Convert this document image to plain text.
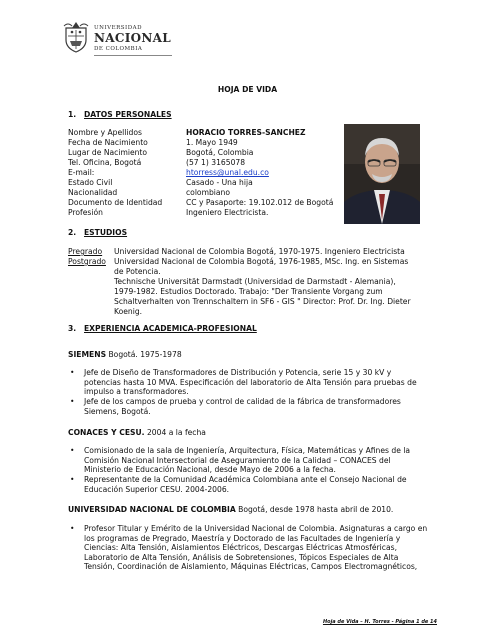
UNIVERSIDAD
NACIONAL
DE COLOMBIA
HOJA DE VIDA
1. DATOS PERSONALES
Nombre y Apellidos	HORACIO TORRES-SANCHEZ
Fecha de Nacimiento	1. Mayo 1949
Lugar de Nacimiento	Bogotá, Colombia
Tel. Oficina, Bogotá	(57 1) 3165078
E-mail:	htorress@unal.edu.co
Estado Civil	Casado - Una hija
Nacionalidad	colombiano
Documento de Identidad	CC y Pasaporte: 19.102.012 de Bogotá
Profesión	Ingeniero Electricista.
2. ESTUDIOS
Pregrado Universidad Nacional de Colombia Bogotá, 1970-1975. Ingeniero Electricista
Postgrado Universidad Nacional de Colombia Bogotá, 1976-1985, MSc. Ing. en Sistemas
de Potencia.
Technische Universität Darmstadt (Universidad de Darmstadt - Alemania),
1979-1982. Estudios Doctorado. Trabajo: "Der Transiente Vorgang zum
Schaltverhalten von Trennschaltern in SF6 - GIS " Director: Prof. Dr. Ing. Dieter
Koenig.
3. EXPERIENCIA ACADEMICA-PROFESIONAL
SIEMENS Bogotá. 1975-1978
• Jefe de Diseño de Transformadores de Distribución y Potencia, serie 15 y 30 kV y
potencias hasta 10 MVA. Especificación del laboratorio de Alta Tensión para pruebas de
impulso a transformadores.
• Jefe de los campos de prueba y control de calidad de la fábrica de transformadores
Siemens, Bogotá.
CONACES Y CESU. 2004 a la fecha
• Comisionado de la sala de Ingeniería, Arquitectura, Física, Matemáticas y Afines de la
Comisión Nacional Intersectorial de Aseguramiento de la Calidad – CONACES del
Ministerio de Educación Nacional, desde Mayo de 2006 a la fecha.
• Representante de la Comunidad Académica Colombiana ante el Consejo Nacional de
Educación Superior CESU. 2004-2006.
UNIVERSIDAD NACIONAL DE COLOMBIA Bogotá, desde 1978 hasta abril de 2010.
• Profesor Titular y Emérito de la Universidad Nacional de Colombia. Asignaturas a cargo en
los programas de Pregrado, Maestría y Doctorado de las Facultades de Ingeniería y
Ciencias: Alta Tensión, Aislamientos Eléctricos, Descargas Eléctricas Atmosféricas,
Laboratorio de Alta Tensión, Análisis de Sobretensiones, Tópicos Especiales de Alta
Tensión, Coordinación de Aislamiento, Máquinas Eléctricas, Campos Electromagnéticos,
Hoja de Vida – H. Torres - Página 1 de 14
